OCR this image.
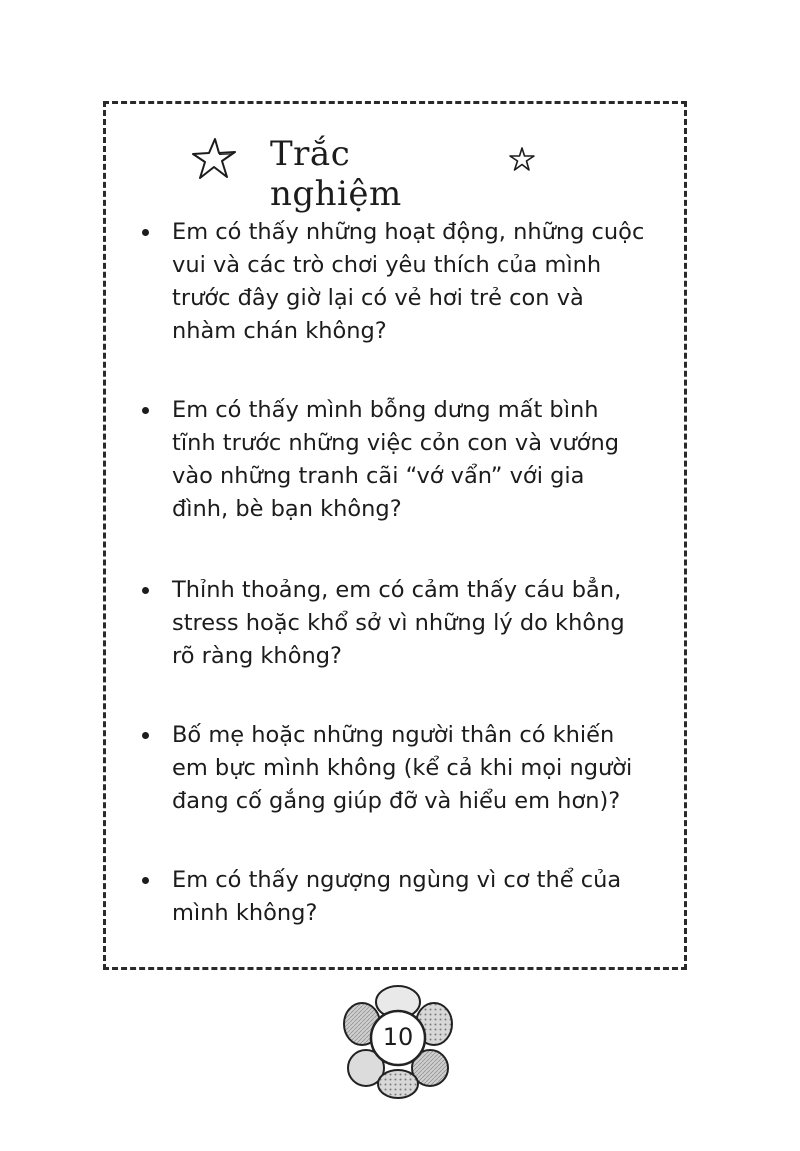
Trắc nghiệm
Em có thấy những hoạt động, những cuộc vui và các trò chơi yêu thích của mình trước đây giờ lại có vẻ hơi trẻ con và nhàm chán không?
Em có thấy mình bỗng dưng mất bình tĩnh trước những việc cỏn con và vướng vào những tranh cãi “vớ vẩn” với gia đình, bè bạn không?
Thỉnh thoảng, em có cảm thấy cáu bẳn, stress hoặc khổ sở vì những lý do không rõ ràng không?
Bố mẹ hoặc những người thân có khiến em bực mình không (kể cả khi mọi người đang cố gắng giúp đỡ và hiểu em hơn)?
Em có thấy ngượng ngùng vì cơ thể của mình không?
10
